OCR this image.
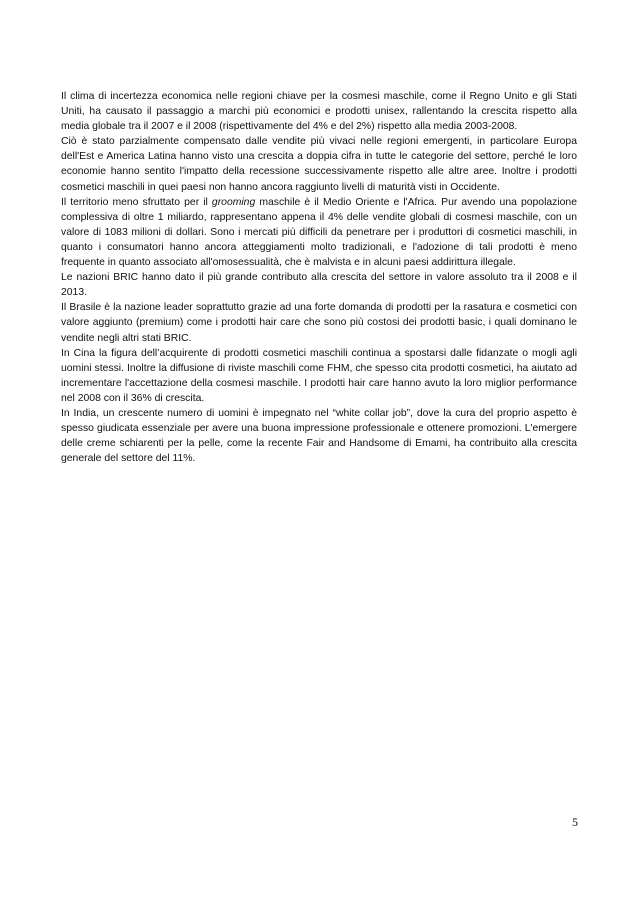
Il clima di incertezza economica nelle regioni chiave per la cosmesi maschile, come il Regno Unito e gli Stati Uniti, ha causato il passaggio a marchi più economici e prodotti unisex, rallentando la crescita rispetto alla media globale tra il 2007 e il 2008 (rispettivamente del 4% e del 2%) rispetto alla media 2003-2008.

Ciò è stato parzialmente compensato dalle vendite più vivaci nelle regioni emergenti, in particolare Europa dell'Est e America Latina hanno visto una crescita a doppia cifra in tutte le categorie del settore, perché le loro economie hanno sentito l'impatto della recessione successivamente rispetto alle altre aree. Inoltre i prodotti cosmetici maschili in quei paesi non hanno ancora raggiunto livelli di maturità visti in Occidente.

Il territorio meno sfruttato per il grooming maschile è il Medio Oriente e l'Africa. Pur avendo una popolazione complessiva di oltre 1 miliardo, rappresentano appena il 4% delle vendite globali di cosmesi maschile, con un valore di 1083 milioni di dollari. Sono i mercati più difficili da penetrare per i produttori di cosmetici maschili, in quanto i consumatori hanno ancora atteggiamenti molto tradizionali, e l'adozione di tali prodotti è meno frequente in quanto associato all'omosessualità, che è malvista e in alcuni paesi addirittura illegale.

Le nazioni BRIC hanno dato il più grande contributo alla crescita del settore in valore assoluto tra il 2008 e il 2013.

Il Brasile è la nazione leader soprattutto grazie ad una forte domanda di prodotti per la rasatura e cosmetici con valore aggiunto (premium) come i prodotti hair care che sono più costosi dei prodotti basic, i quali dominano le vendite negli altri stati BRIC.

In Cina la figura dell’acquirente di prodotti cosmetici maschili continua a spostarsi dalle fidanzate o mogli agli uomini stessi. Inoltre la diffusione di riviste maschili come FHM, che spesso cita prodotti cosmetici, ha aiutato ad incrementare l'accettazione della cosmesi maschile. I prodotti hair care hanno avuto la loro miglior performance nel 2008 con il 36% di crescita.

In India, un crescente numero di uomini è impegnato nel “white collar job”, dove la cura del proprio aspetto è spesso giudicata essenziale per avere una buona impressione professionale e ottenere promozioni. L'emergere delle creme schiarenti per la pelle, come la recente Fair and Handsome di Emami, ha contribuito alla crescita generale del settore del 11%.

5
